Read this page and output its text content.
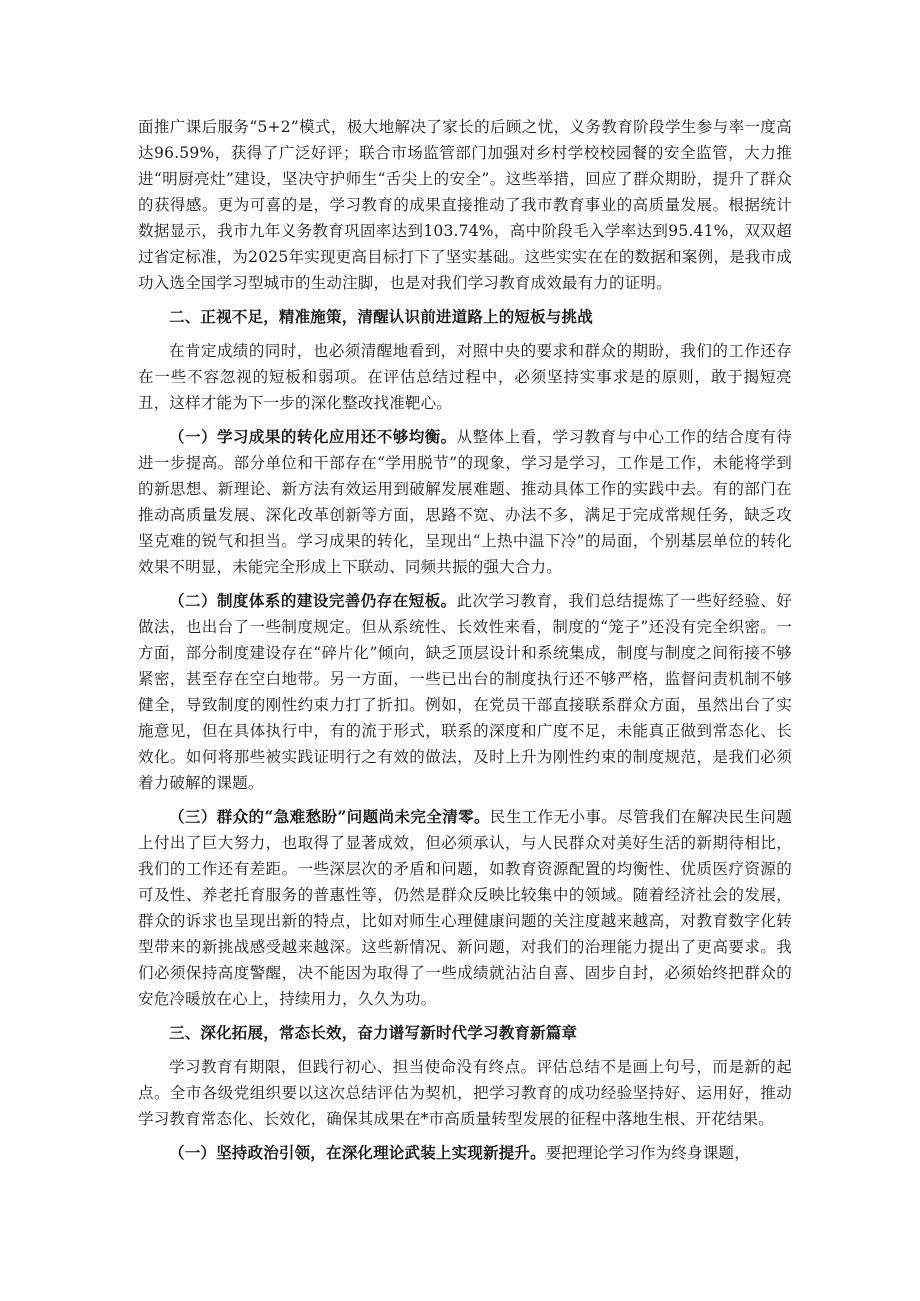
面推广课后服务“5+2”模式，极大地解决了家长的后顾之忧，义务教育阶段学生参与率一度高达96.59%，获得了广泛好评；联合市场监管部门加强对乡村学校校园餐的安全监管，大力推进“明厨亮灶”建设，坚决守护师生“舌尖上的安全”。这些举措，回应了群众期盼，提升了群众的获得感。更为可喜的是，学习教育的成果直接推动了我市教育事业的高质量发展。根据统计数据显示，我市九年义务教育巩固率达到103.74%，高中阶段毛入学率达到95.41%，双双超过省定标准，为2025年实现更高目标打下了坚实基础。这些实实在在的数据和案例，是我市成功入选全国学习型城市的生动注脚，也是对我们学习教育成效最有力的证明。

二、正视不足，精准施策，清醒认识前进道路上的短板与挑战

在肯定成绩的同时，也必须清醒地看到，对照中央的要求和群众的期盼，我们的工作还存在一些不容忽视的短板和弱项。在评估总结过程中，必须坚持实事求是的原则，敢于揭短亮丑，这样才能为下一步的深化整改找准靶心。

（一）学习成果的转化应用还不够均衡。从整体上看，学习教育与中心工作的结合度有待进一步提高。部分单位和干部存在“学用脱节”的现象，学习是学习，工作是工作，未能将学到的新思想、新理论、新方法有效运用到破解发展难题、推动具体工作的实践中去。有的部门在推动高质量发展、深化改革创新等方面，思路不宽、办法不多，满足于完成常规任务，缺乏攻坚克难的锐气和担当。学习成果的转化，呈现出“上热中温下冷”的局面，个别基层单位的转化效果不明显，未能完全形成上下联动、同频共振的强大合力。

（二）制度体系的建设完善仍存在短板。此次学习教育，我们总结提炼了一些好经验、好做法，也出台了一些制度规定。但从系统性、长效性来看，制度的“笼子”还没有完全织密。一方面，部分制度建设存在“碎片化”倾向，缺乏顶层设计和系统集成，制度与制度之间衔接不够紧密，甚至存在空白地带。另一方面，一些已出台的制度执行还不够严格，监督问责机制不够健全，导致制度的刚性约束力打了折扣。例如，在党员干部直接联系群众方面，虽然出台了实施意见，但在具体执行中，有的流于形式，联系的深度和广度不足，未能真正做到常态化、长效化。如何将那些被实践证明行之有效的做法，及时上升为刚性约束的制度规范，是我们必须着力破解的课题。

（三）群众的“急难愁盼”问题尚未完全清零。民生工作无小事。尽管我们在解决民生问题上付出了巨大努力，也取得了显著成效，但必须承认，与人民群众对美好生活的新期待相比，我们的工作还有差距。一些深层次的矛盾和问题，如教育资源配置的均衡性、优质医疗资源的可及性、养老托育服务的普惠性等，仍然是群众反映比较集中的领域。随着经济社会的发展，群众的诉求也呈现出新的特点，比如对师生心理健康问题的关注度越来越高，对教育数字化转型带来的新挑战感受越来越深。这些新情况、新问题，对我们的治理能力提出了更高要求。我们必须保持高度警醒，决不能因为取得了一些成绩就沾沾自喜、固步自封，必须始终把群众的安危冷暖放在心上，持续用力，久久为功。

三、深化拓展，常态长效，奋力谱写新时代学习教育新篇章

学习教育有期限，但践行初心、担当使命没有终点。评估总结不是画上句号，而是新的起点。全市各级党组织要以这次总结评估为契机，把学习教育的成功经验坚持好、运用好，推动学习教育常态化、长效化，确保其成果在*市高质量转型发展的征程中落地生根、开花结果。

（一）坚持政治引领，在深化理论武装上实现新提升。要把理论学习作为终身课题，
